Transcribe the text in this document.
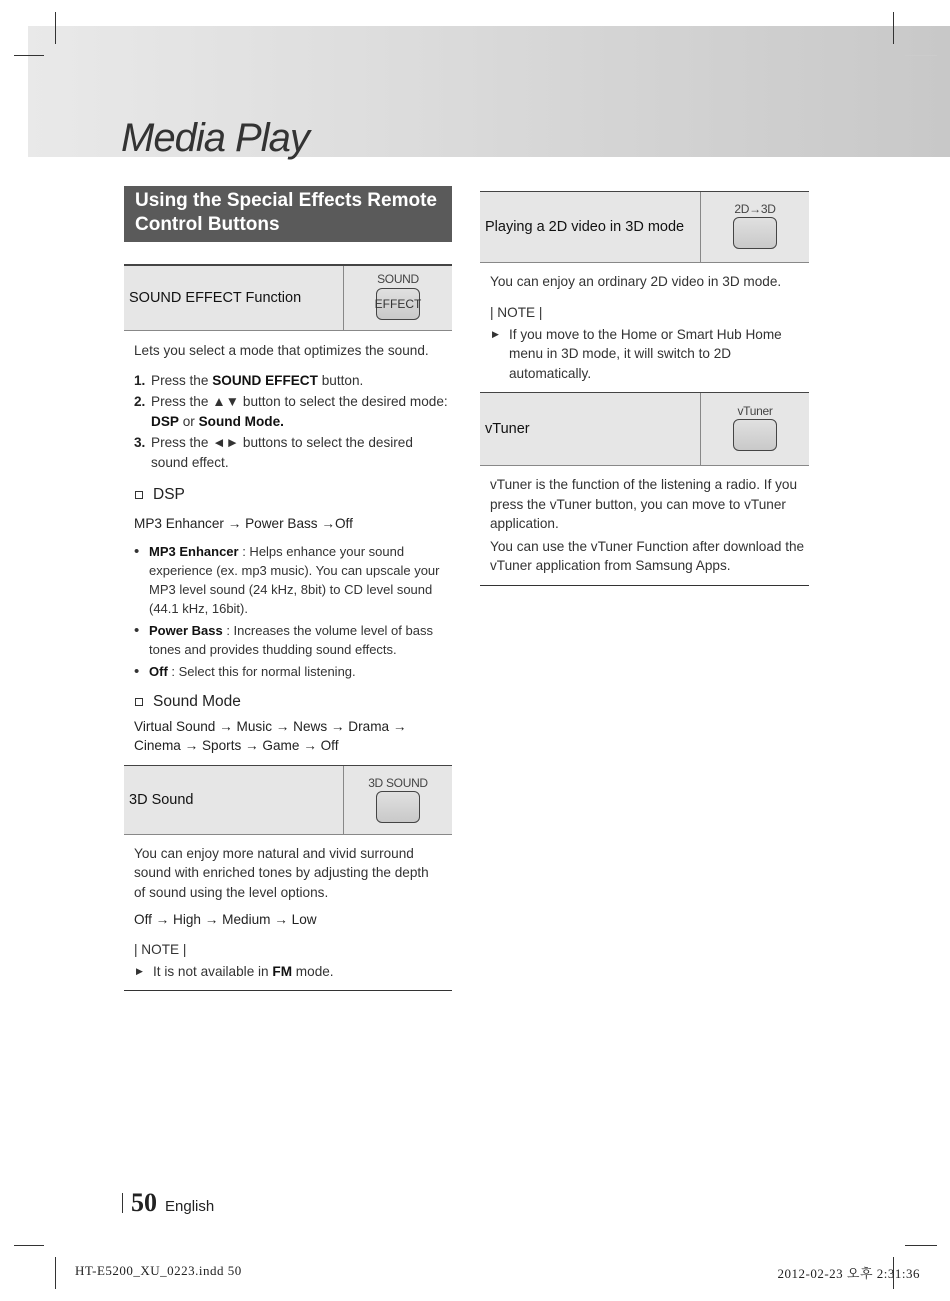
Media Play
Using the Special Effects Remote Control Buttons
SOUND EFFECT Function
SOUND
EFFECT
Lets you select a mode that optimizes the sound.
1. Press the SOUND EFFECT button.
2. Press the ▲▼ button to select the desired mode:
DSP or Sound Mode.
3. Press the ◄► buttons to select the desired sound effect.
DSP
MP3 Enhancer → Power Bass →Off
•
MP3 Enhancer : Helps enhance your sound experience (ex. mp3 music). You can upscale your MP3 level sound (24 kHz, 8bit) to CD level sound (44.1 kHz, 16bit).
•
Power Bass : Increases the volume level of bass tones and provides thudding sound effects.
•
Off : Select this for normal listening.
Sound Mode
Virtual Sound → Music → News → Drama → Cinema → Sports → Game → Off
3D Sound
3D SOUND
You can enjoy more natural and vivid surround sound with enriched tones by adjusting the depth of sound using the level options.
Off → High → Medium → Low
| NOTE |
▶ It is not available in FM mode.
Playing a 2D video in 3D mode
2D→3D
You can enjoy an ordinary 2D video in 3D mode.
| NOTE |
▶ If you move to the Home or Smart Hub Home menu in 3D mode, it will switch to 2D automatically.
vTuner
vTuner
vTuner is the function of the listening a radio. If you press the vTuner button, you can move to vTuner application.
You can use the vTuner Function after download the vTuner application from Samsung Apps.
50 English
HT-E5200_XU_0223.indd 50	2012-02-23 오후 2:31:36
